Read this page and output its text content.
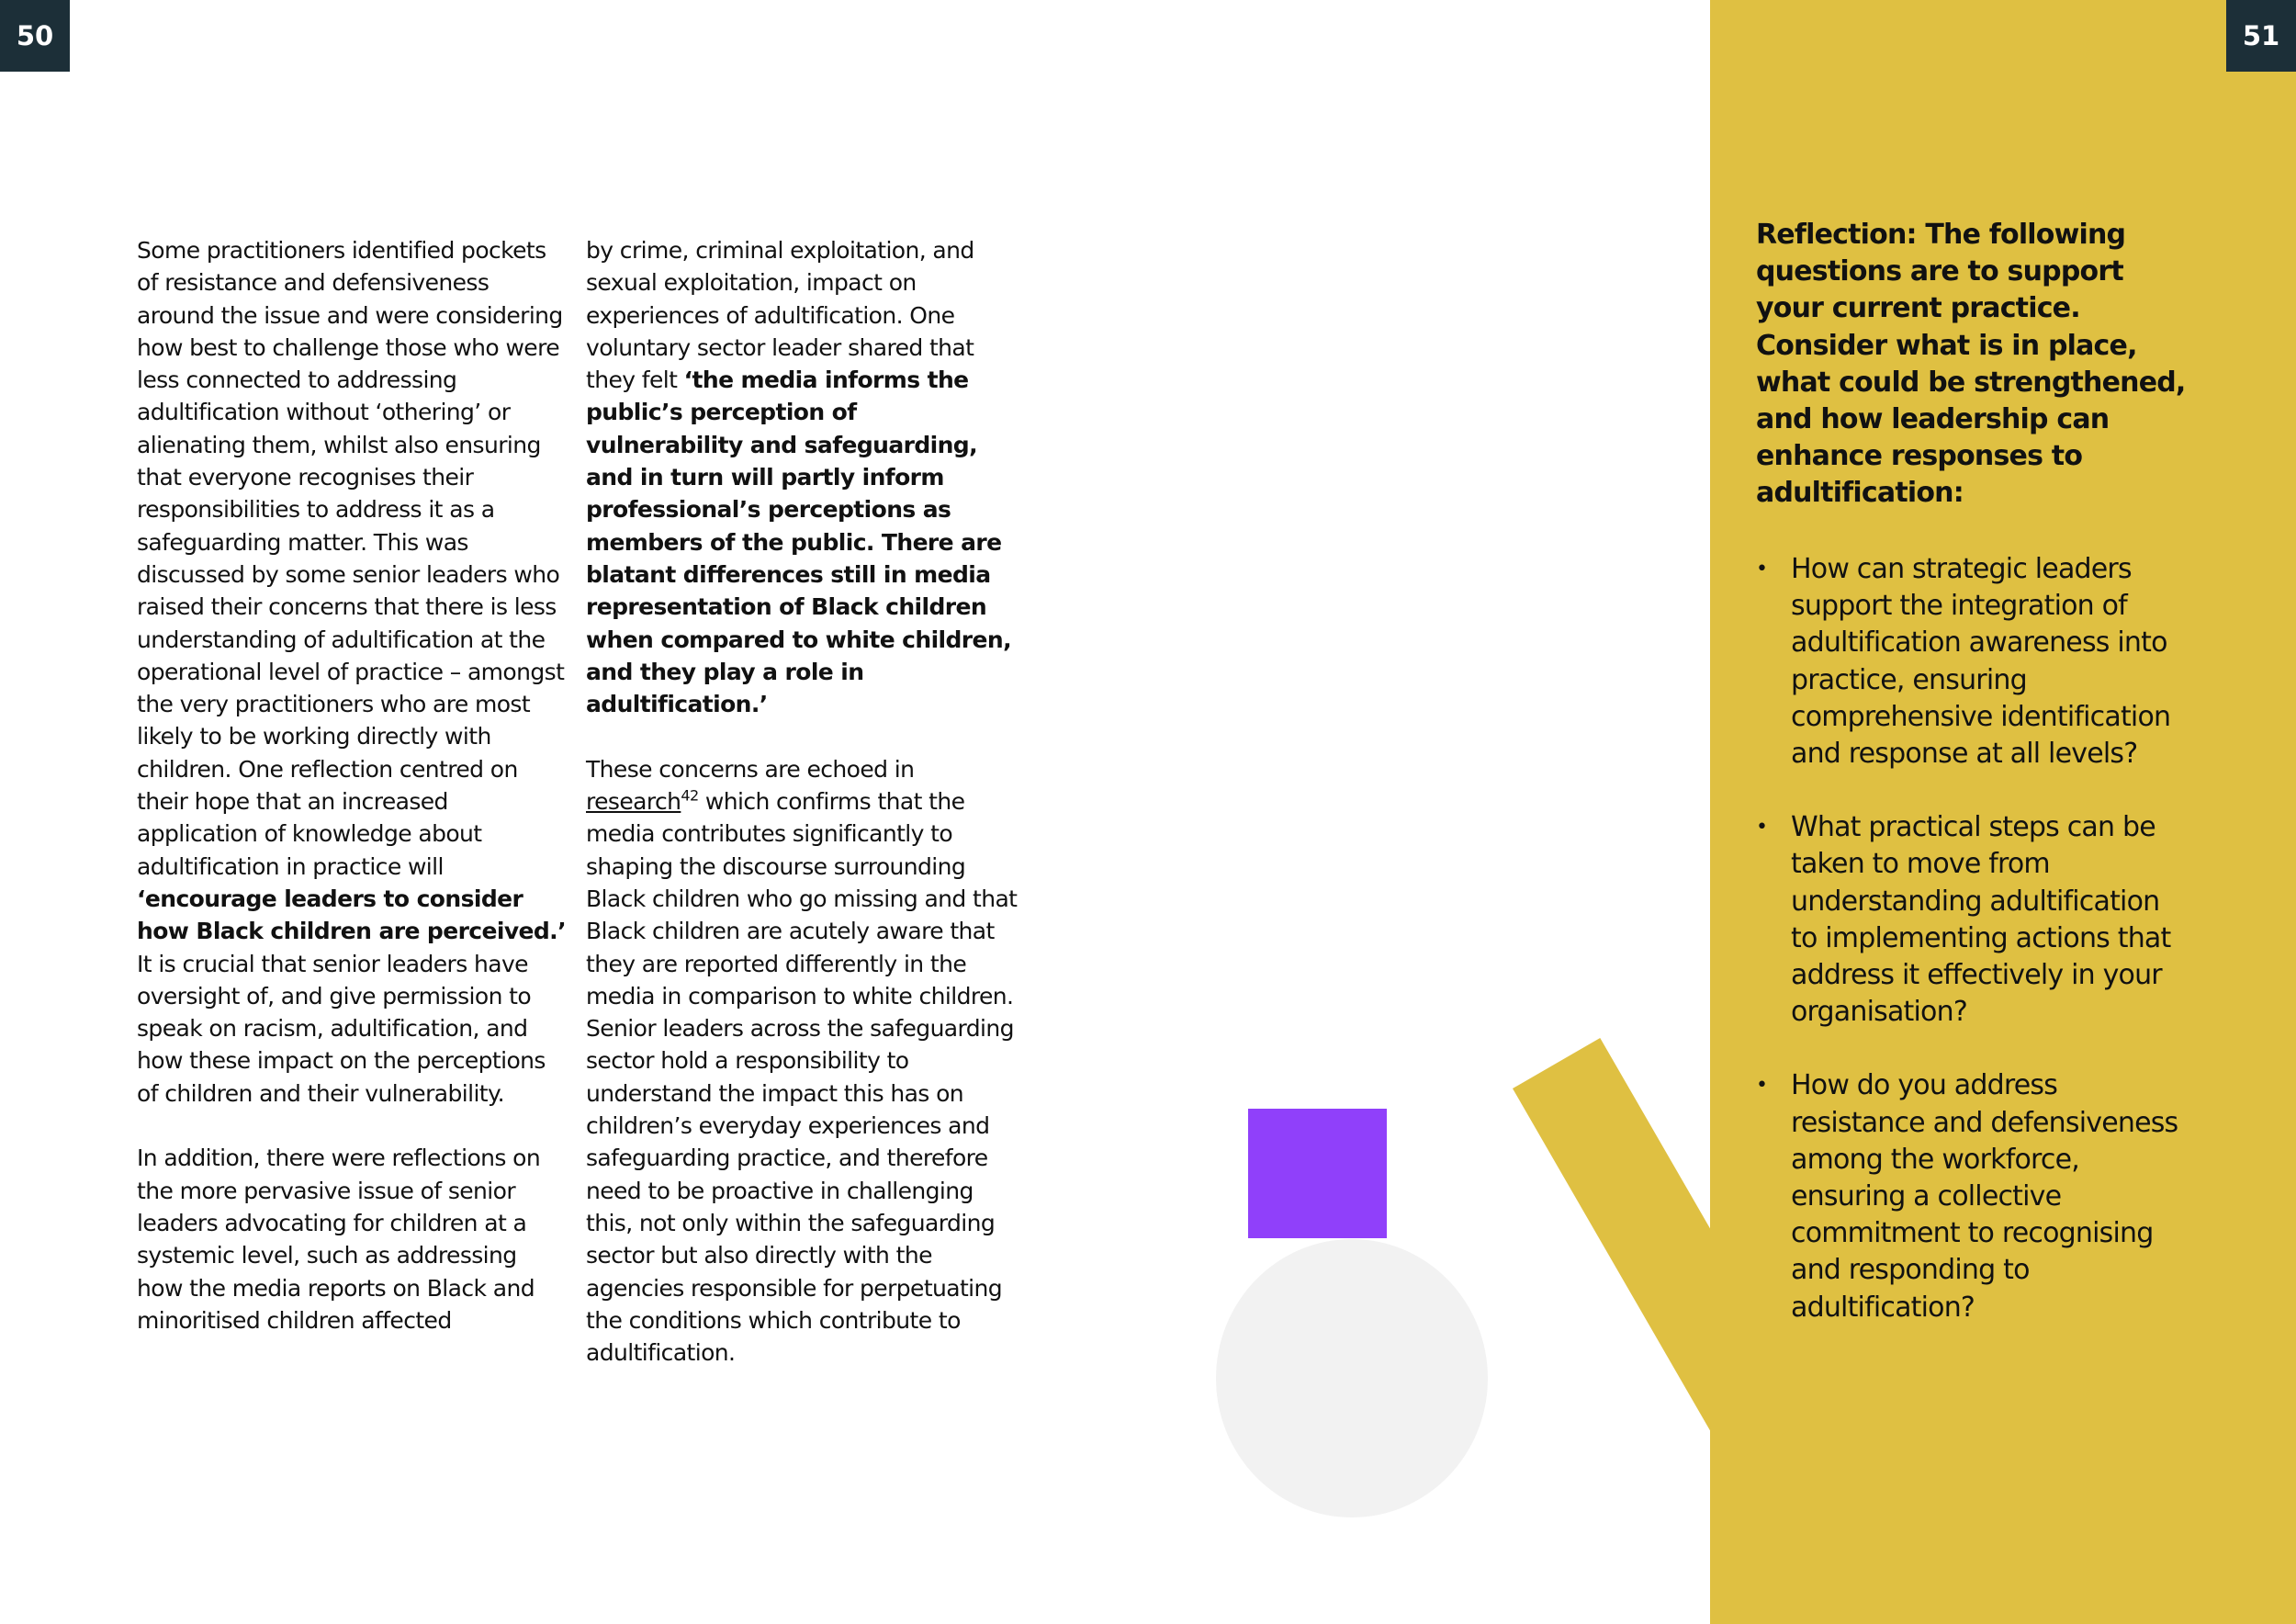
50	51

Some practitioners identified pockets of resistance and defensiveness around the issue and were considering how best to challenge those who were less connected to addressing adultification without ‘othering’ or alienating them, whilst also ensuring that everyone recognises their responsibilities to address it as a safeguarding matter. This was discussed by some senior leaders who raised their concerns that there is less understanding of adultification at the operational level of practice – amongst the very practitioners who are most likely to be working directly with children. One reflection centred on their hope that an increased application of knowledge about adultification in practice will ‘encourage leaders to consider how Black children are perceived.’ It is crucial that senior leaders have oversight of, and give permission to speak on racism, adultification, and how these impact on the perceptions of children and their vulnerability.

In addition, there were reflections on the more pervasive issue of senior leaders advocating for children at a systemic level, such as addressing how the media reports on Black and minoritised children affected

by crime, criminal exploitation, and sexual exploitation, impact on experiences of adultification. One voluntary sector leader shared that they felt ‘the media informs the public’s perception of vulnerability and safeguarding, and in turn will partly inform professional’s perceptions as members of the public. There are blatant differences still in media representation of Black children when compared to white children, and they play a role in adultification.’

These concerns are echoed in research$^{42}$ which confirms that the media contributes significantly to shaping the discourse surrounding Black children who go missing and that Black children are acutely aware that they are reported differently in the media in comparison to white children. Senior leaders across the safeguarding sector hold a responsibility to understand the impact this has on children’s everyday experiences and safeguarding practice, and therefore need to be proactive in challenging this, not only within the safeguarding sector but also directly with the agencies responsible for perpetuating the conditions which contribute to adultification.

Reflection: The following questions are to support your current practice. Consider what is in place, what could be strengthened, and how leadership can enhance responses to adultification:
• How can strategic leaders support the integration of adultification awareness into practice, ensuring comprehensive identification and response at all levels?
• What practical steps can be taken to move from understanding adultification to implementing actions that address it effectively in your organisation?
• How do you address resistance and defensiveness among the workforce, ensuring a collective commitment to recognising and responding to adultification?
